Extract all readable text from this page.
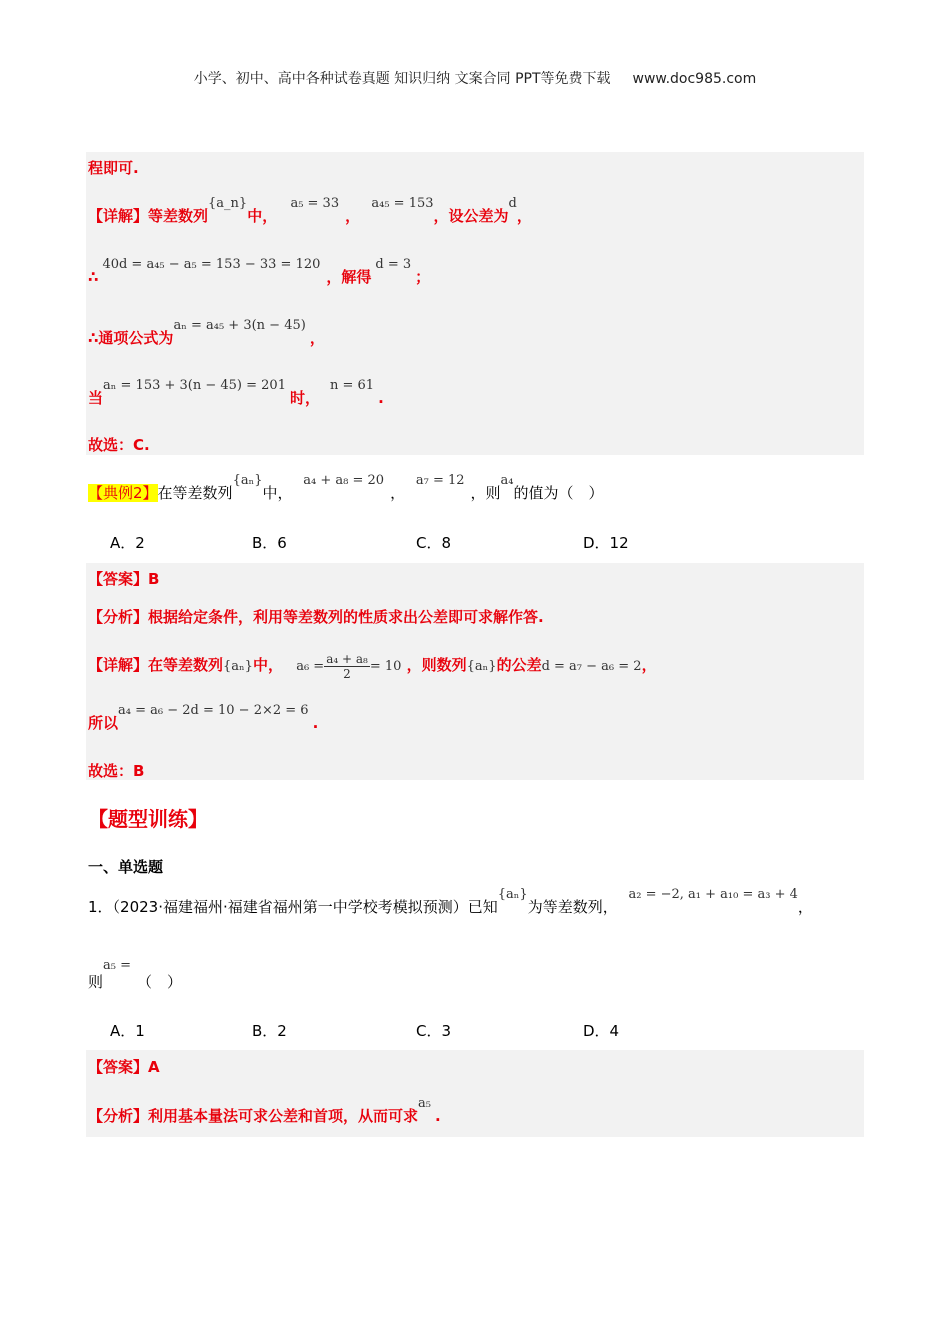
小学、初中、高中各种试卷真题 知识归纳 文案合同 PPT等免费下载 www.doc985.com
程即可.
【详解】等差数列{a_n}中， a₅ = 33， a₄₅ = 153，设公差为d，
∴40d = a₄₅ − a₅ = 153 − 33 = 120，解得d = 3；
∴通项公式为aₙ = a₄₅ + 3(n − 45)，
当aₙ = 153 + 3(n − 45) = 201时，n = 61.
故选：C.
【典例2】在等差数列{aₙ}中， a₄ + a₈ = 20， a₇ = 12，则a₄的值为（　）
A．2	B．6	C．8	D．12
【答案】B
【分析】根据给定条件，利用等差数列的性质求出公差即可求解作答.
【详解】在等差数列{aₙ}中， $a_6 = \frac{\text{a₄ + a₈}}{2} = 10$ ，则数列{aₙ}的公差d = a₇ − a₆ = 2，
所以a₄ = a₆ − 2d = 10 − 2×2 = 6.
故选：B
【题型训练】
一、单选题
1．（2023·福建福州·福建省福州第一中学校考模拟预测）已知{aₙ}为等差数列， a₂ = −2, a₁ + a₁₀ = a₃ + 4，
则a₅ =（　）
A．1	B．2	C．3	D．4
【答案】A
【分析】利用基本量法可求公差和首项，从而可求a₅.
